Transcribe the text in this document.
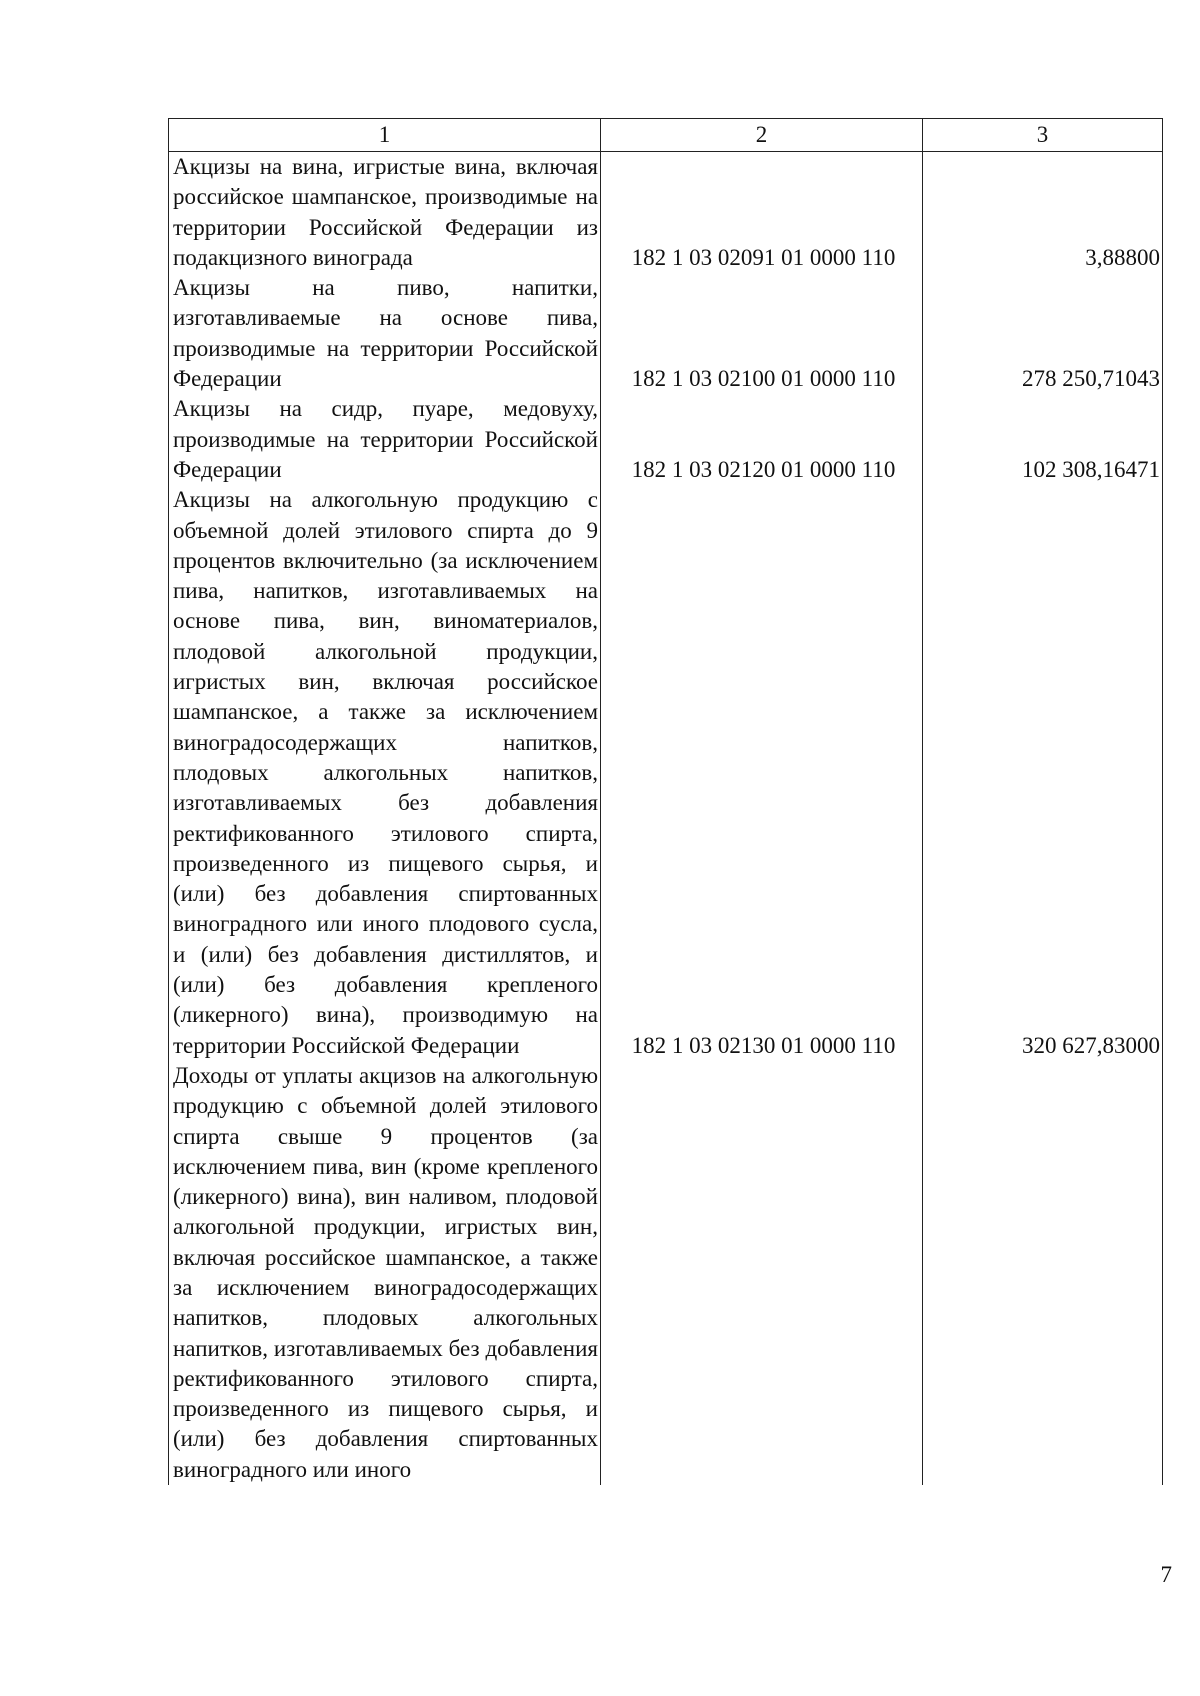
1	2	3
Акцизы на вина, игристые вина, включая российское шампанское, производимые на территории Российской Федерации из подакцизного винограда	182 1 03 02091 01 0000 110	3,88800
Акцизы на пиво, напитки, изготавливаемые на основе пива, производимые на территории Российской Федерации	182 1 03 02100 01 0000 110	278 250,71043
Акцизы на сидр, пуаре, медовуху, производимые на территории Российской Федерации	182 1 03 02120 01 0000 110	102 308,16471
Акцизы на алкогольную продукцию с объемной долей этилового спирта до 9 процентов включительно (за исключением пива, напитков, изготавливаемых на основе пива, вин, виноматериалов, плодовой алкогольной продукции, игристых вин, включая российское шампанское, а также за исключением виноградосодержащих напитков, плодовых алкогольных напитков, изготавливаемых без добавления ректификованного этилового спирта, произведенного из пищевого сырья, и (или) без добавления спиртованных виноградного или иного плодового сусла, и (или) без добавления дистиллятов, и (или) без добавления крепленого (ликерного) вина), производимую на территории Российской Федерации	182 1 03 02130 01 0000 110	320 627,83000
Доходы от уплаты акцизов на алкогольную продукцию с объемной долей этилового спирта свыше 9 процентов (за исключением пива, вин (кроме крепленого (ликерного) вина), вин наливом, плодовой алкогольной продукции, игристых вин, включая российское шампанское, а также за исключением виноградосодержащих напитков, плодовых алкогольных напитков, изготавливаемых без добавления ректификованного этилового спирта, произведенного из пищевого сырья, и (или) без добавления спиртованных виноградного или иного		
7
